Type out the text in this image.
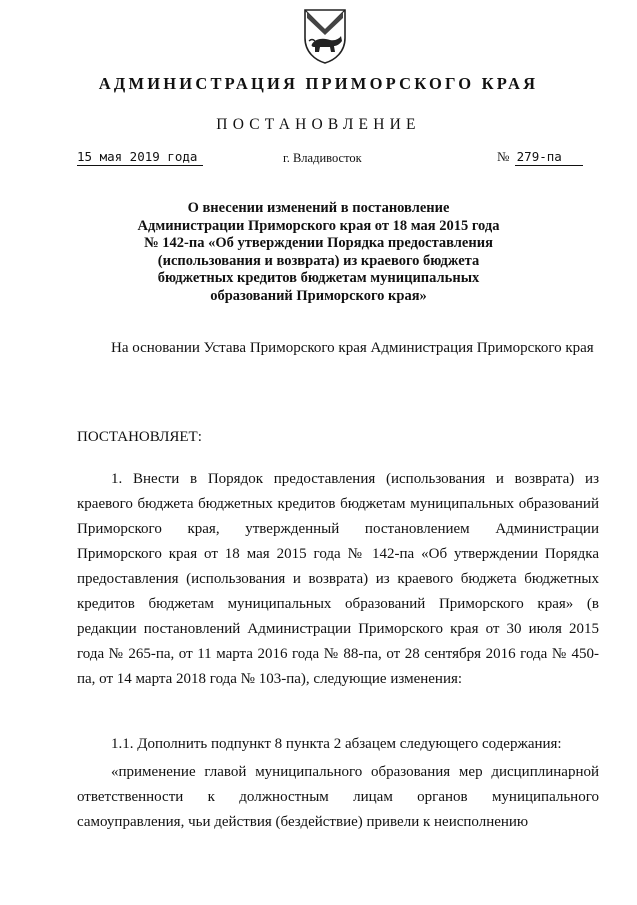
АДМИНИСТРАЦИЯ ПРИМОРСКОГО КРАЯ
ПОСТАНОВЛЕНИЕ
15 мая 2019 года	г. Владивосток	№ 279-па
О внесении изменений в постановление
Администрации Приморского края от 18 мая 2015 года
№ 142-па «Об утверждении Порядка предоставления
(использования и возврата) из краевого бюджета
бюджетных кредитов бюджетам муниципальных
образований Приморского края»

На основании Устава Приморского края Администрация Приморского края

ПОСТАНОВЛЯЕТ:

1. Внести в Порядок предоставления (использования и возврата) из краевого бюджета бюджетных кредитов бюджетам муниципальных образований Приморского края, утвержденный постановлением Администрации Приморского края от 18 мая 2015 года № 142-па «Об утверждении Порядка предоставления (использования и возврата) из краевого бюджета бюджетных кредитов бюджетам муниципальных образований Приморского края» (в редакции постановлений Администрации Приморского края от 30 июля 2015 года № 265-па, от 11 марта 2016 года № 88-па, от 28 сентября 2016 года № 450-па, от 14 марта 2018 года № 103-па), следующие изменения:

1.1. Дополнить подпункт 8 пункта 2 абзацем следующего содержания:

«применение главой муниципального образования мер дисциплинарной ответственности к должностным лицам органов муниципального самоуправления, чьи действия (бездействие) привели к неисполнению
